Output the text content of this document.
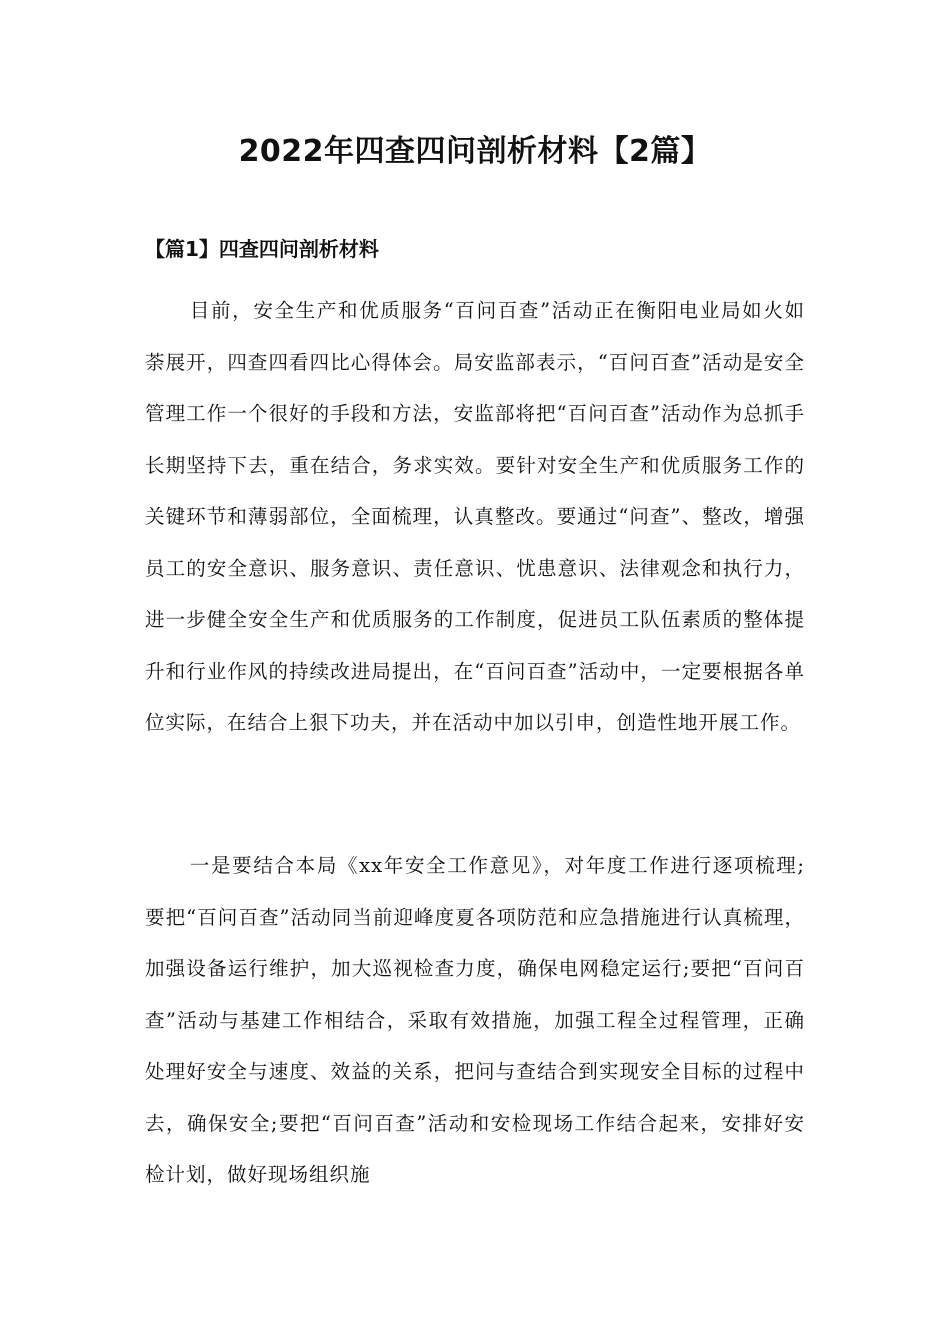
2022年四查四问剖析材料【2篇】
【篇1】四查四问剖析材料

目前，安全生产和优质服务“百问百查”活动正在衡阳电业局如火如荼展开，四查四看四比心得体会。局安监部表示，“百问百查”活动是安全管理工作一个很好的手段和方法，安监部将把“百问百查”活动作为总抓手长期坚持下去，重在结合，务求实效。要针对安全生产和优质服务工作的关键环节和薄弱部位，全面梳理，认真整改。要通过“问查”、整改，增强员工的安全意识、服务意识、责任意识、忧患意识、法律观念和执行力，进一步健全安全生产和优质服务的工作制度，促进员工队伍素质的整体提升和行业作风的持续改进局提出，在“百问百查”活动中，一定要根据各单位实际，在结合上狠下功夫，并在活动中加以引申，创造性地开展工作。

一是要结合本局《xx年安全工作意见》，对年度工作进行逐项梳理;要把“百问百查”活动同当前迎峰度夏各项防范和应急措施进行认真梳理，加强设备运行维护，加大巡视检查力度，确保电网稳定运行;要把“百问百查”活动与基建工作相结合，采取有效措施，加强工程全过程管理，正确处理好安全与速度、效益的关系，把问与查结合到实现安全目标的过程中去，确保安全;要把“百问百查”活动和安检现场工作结合起来，安排好安检计划，做好现场组织施
